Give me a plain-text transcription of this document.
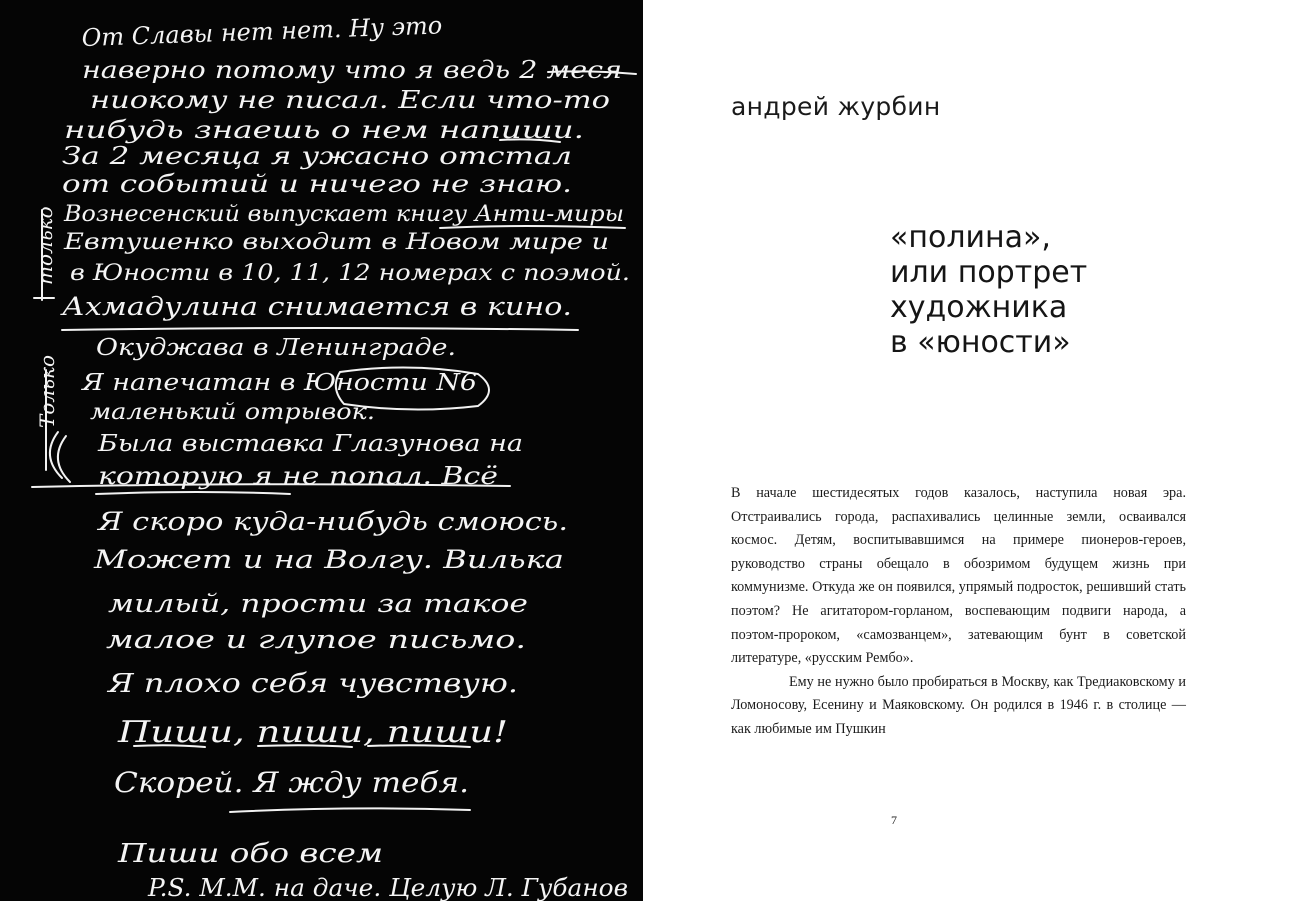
От Славы нет нет. Ну это
наверно потому что я ведь 2 меся
ниокому не писал. Если что-то
нибудь знаешь о нем напиши.
За 2 месяца я ужасно отстал
от событий и ничего не знаю.
Вознесенский выпускает книгу Анти-миры
Евтушенко выходит в Новом мире и
в Юности в 10, 11, 12 номерах с поэмой.
Ахмадулина снимается в кино.
Окуджава в Ленинграде.
Я напечатан в Юности N6
маленький отрывок.
Была выставка Глазунова на
которую я не попал. Всё
Я скоро куда-нибудь смоюсь.
Может и на Волгу. Вилька
милый, прости за такое
малое и глупое письмо.
Я плохо себя чувствую.
Пиши, пиши, пиши!
Скорей. Я жду тебя.
Пиши обо всем
P.S. М.М. на даче. Целую Л. Губанов
только
Только
андрей журбин
«полина»,
или портрет
художника
в «юности»

В начале шестидесятых годов казалось, наступила новая эра. Отстраивались города, распахивались целинные земли, осваивался космос. Детям, воспитывавшимся на примере пионеров-героев, руководство страны обещало в обозримом будущем жизнь при коммунизме. Откуда же он появился, упрямый подросток, решивший стать поэтом? Не агитатором-горланом, воспевающим подвиги народа, а поэтом-пророком, «самозванцем», затевающим бунт в советской литературе, «русским Рембо».

Ему не нужно было пробираться в Москву, как Тредиаковскому и Ломоносову, Есенину и Маяковскому. Он родился в 1946 г. в столице — как любимые им Пушкин

7
